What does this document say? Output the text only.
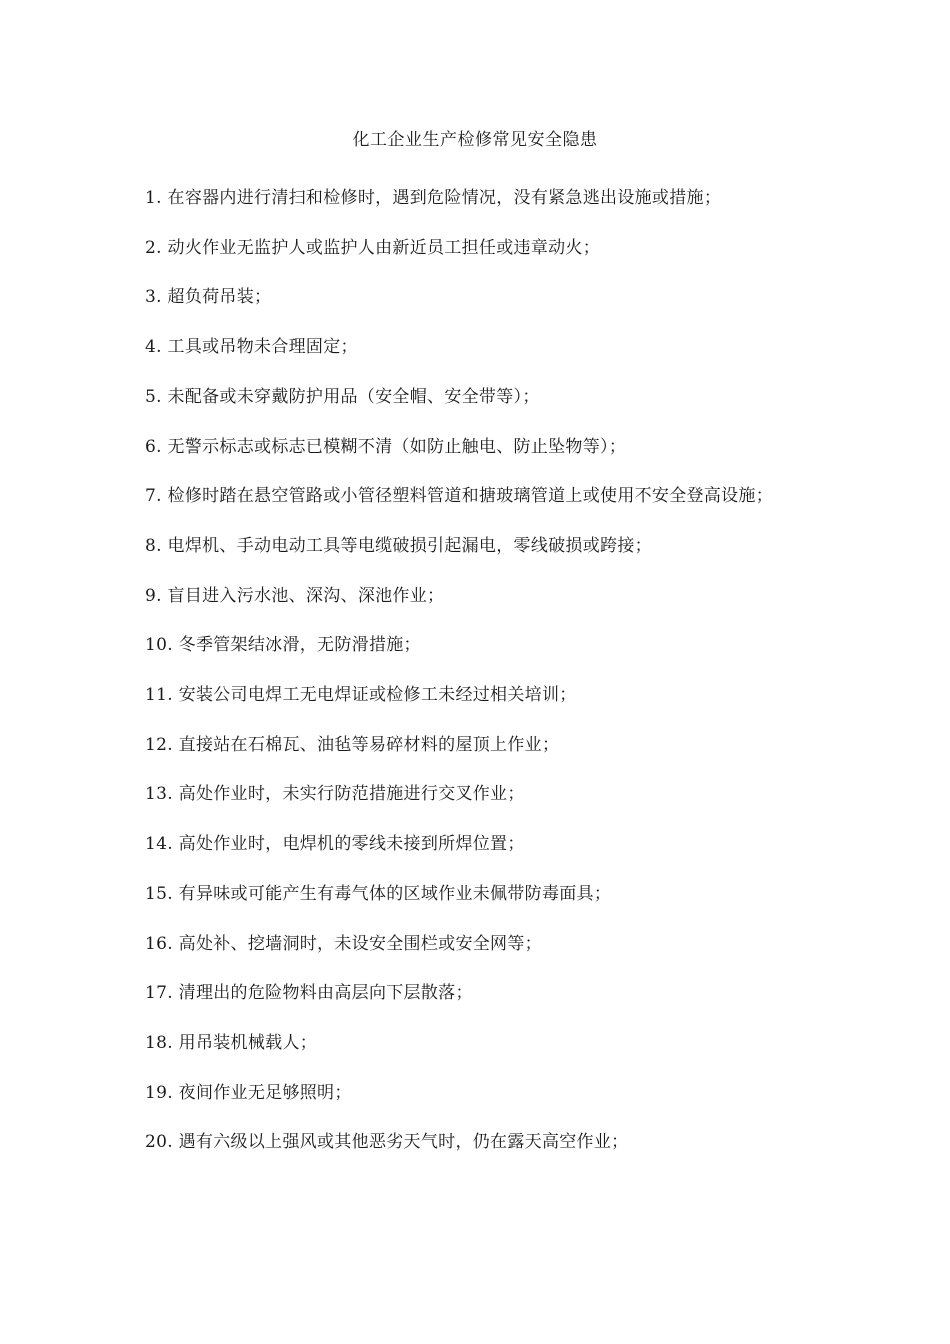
化工企业生产检修常见安全隐患
1. 在容器内进行清扫和检修时，遇到危险情况，没有紧急逃出设施或措施；
2. 动火作业无监护人或监护人由新近员工担任或违章动火；
3. 超负荷吊装；
4. 工具或吊物未合理固定；
5. 未配备或未穿戴防护用品（安全帽、安全带等）；
6. 无警示标志或标志已模糊不清（如防止触电、防止坠物等）；
7. 检修时踏在悬空管路或小管径塑料管道和搪玻璃管道上或使用不安全登高设施；
8. 电焊机、手动电动工具等电缆破损引起漏电，零线破损或跨接；
9. 盲目进入污水池、深沟、深池作业；
10. 冬季管架结冰滑，无防滑措施；
11. 安装公司电焊工无电焊证或检修工未经过相关培训；
12. 直接站在石棉瓦、油毡等易碎材料的屋顶上作业；
13. 高处作业时，未实行防范措施进行交叉作业；
14. 高处作业时，电焊机的零线未接到所焊位置；
15. 有异味或可能产生有毒气体的区域作业未佩带防毒面具；
16. 高处补、挖墙洞时，未设安全围栏或安全网等；
17. 清理出的危险物料由高层向下层散落；
18. 用吊装机械载人；
19. 夜间作业无足够照明；
20. 遇有六级以上强风或其他恶劣天气时，仍在露天高空作业；
